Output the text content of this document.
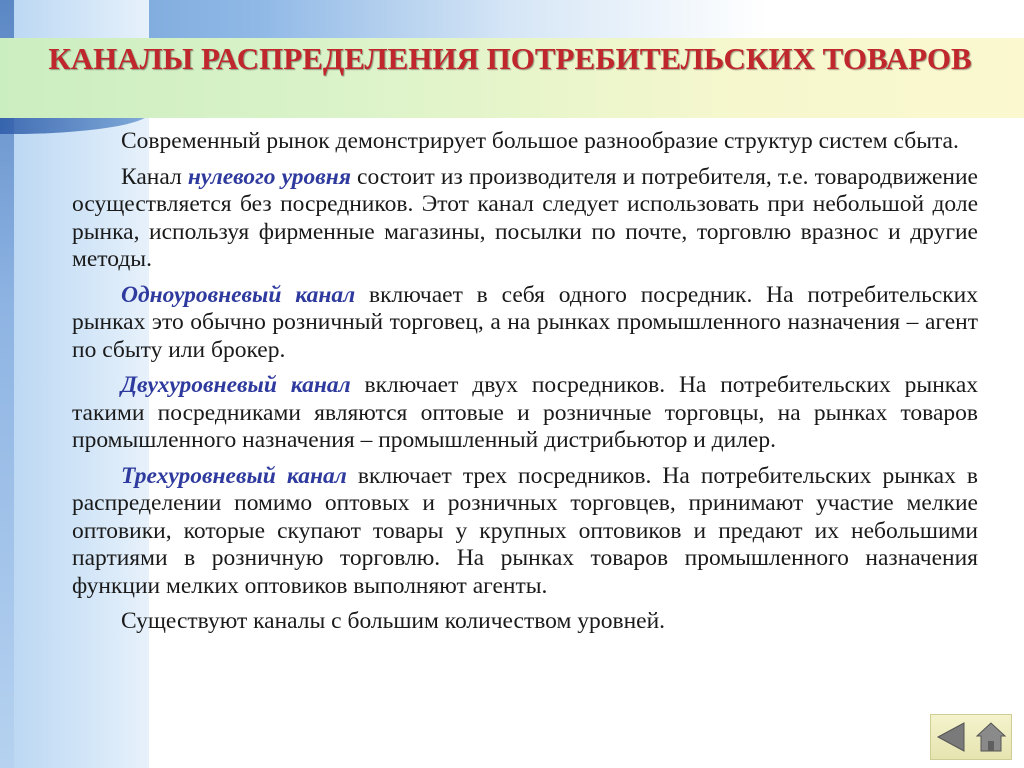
КАНАЛЫ РАСПРЕДЕЛЕНИЯ ПОТРЕБИТЕЛЬСКИХ ТОВАРОВ

Современный рынок демонстрирует большое разнообразие структур систем сбыта.

Канал нулевого уровня состоит из производителя и потребителя, т.е. товародвижение осуществляется без посредников. Этот канал следует использовать при небольшой доле рынка, используя фирменные магазины, посылки по почте, торговлю вразнос и другие методы.

Одноуровневый канал включает в себя одного посредник. На потребительских рынках это обычно розничный торговец, а на рынках промышленного назначения – агент по сбыту или брокер.

Двухуровневый канал включает двух посредников. На потребительских рынках такими посредниками являются оптовые и розничные торговцы, на рынках товаров промышленного назначения – промышленный дистрибьютор и дилер.

Трехуровневый канал включает трех посредников. На потребительских рынках в распределении помимо оптовых и розничных торговцев, принимают участие мелкие оптовики, которые скупают товары у крупных оптовиков и предают их небольшими партиями в розничную торговлю. На рынках товаров промышленного назначения функции мелких оптовиков выполняют агенты.

Существуют каналы с большим количеством уровней.
